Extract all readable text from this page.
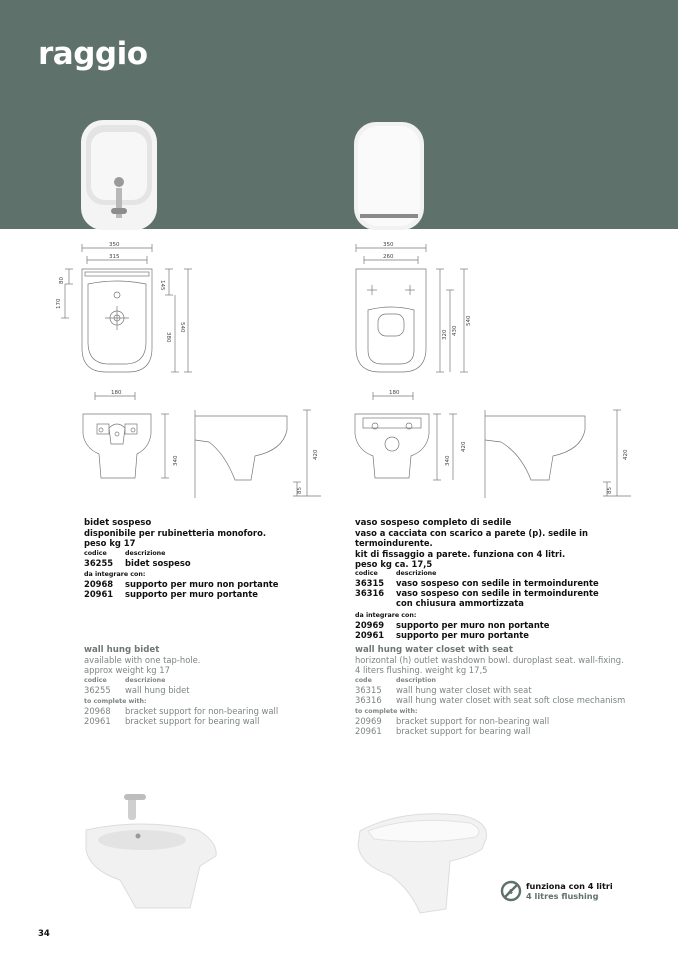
raggio
350
315
80
170
145
380
540
180
340
420
85
350
260
320 430
540
180
340
420
420
85
bidet sospeso
disponibile per rubinetteria monoforo.
peso kg 17
codice	descrizione
36255	bidet sospeso
da integrare con:
20968	supporto per muro non portante
20961	supporto per muro portante
wall hung bidet
available with one tap-hole.
approx weight kg 17
codice	descrizione
36255	wall hung bidet
to complete with:
20968	bracket support for non-bearing wall
20961	bracket support for bearing wall
vaso sospeso completo di sedile
vaso a cacciata con scarico a parete (p). sedile in termoindurente.
kit di fissaggio a parete. funziona con 4 litri.
peso kg ca. 17,5
codice	descrizione
36315	vaso sospeso con sedile in termoindurente
36316	vaso sospeso con sedile in termoindurente
con chiusura ammortizzata
da integrare con:
20969	supporto per muro non portante
20961	supporto per muro portante
wall hung water closet with seat
horizontal (h) outlet washdown bowl. duroplast seat. wall-fixing.
4 liters flushing. weight kg 17,5
code	description
36315	wall hung water closet with seat
36316	wall hung water closet with seat soft close mechanism
to complete with:
20969	bracket support for non-bearing wall
20961	bracket support for bearing wall
4
funziona con 4 litri
4 litres flushing
34
